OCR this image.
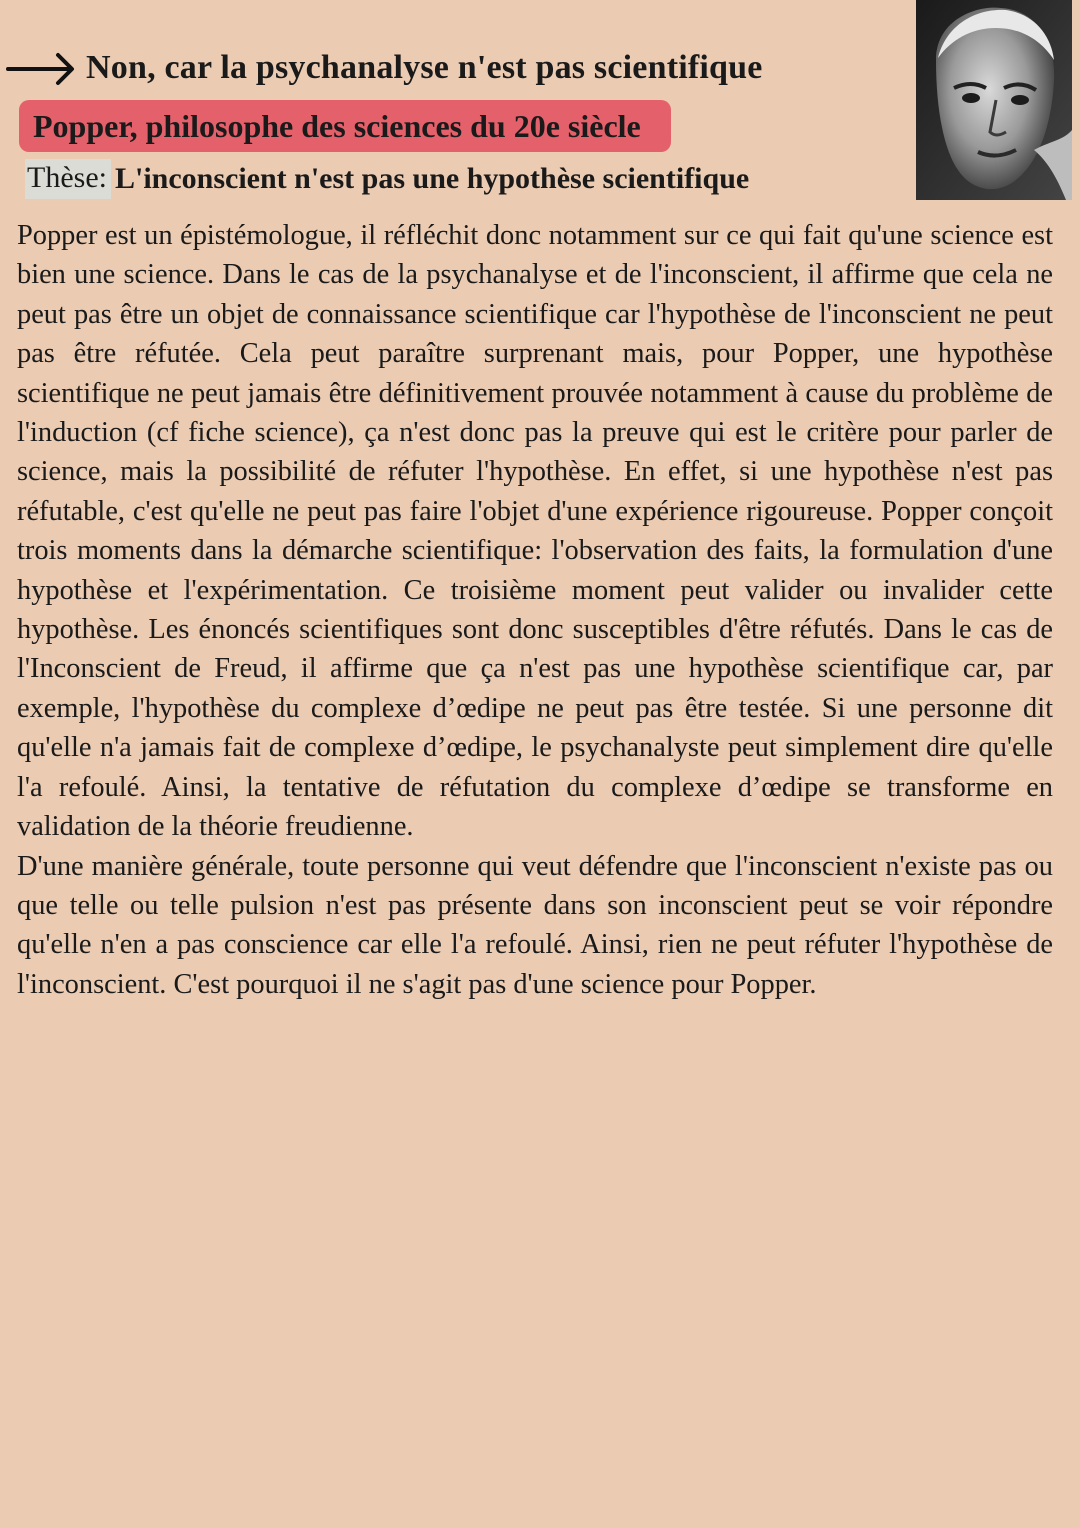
Non, car la psychanalyse n'est pas scientifique
Popper, philosophe des sciences du 20e siècle
Thèse: L'inconscient n'est pas une hypothèse scientifique

Popper est un épistémologue, il réfléchit donc notamment sur ce qui fait qu'une science est bien une science. Dans le cas de la psychanalyse et de l'inconscient, il affirme que cela ne peut pas être un objet de connaissance scientifique car l'hypothèse de l'inconscient ne peut pas être réfutée. Cela peut paraître surprenant mais, pour Popper, une hypothèse scientifique ne peut jamais être définitivement prouvée notamment à cause du problème de l'induction (cf fiche science), ça n'est donc pas la preuve qui est le critère pour parler de science, mais la possibilité de réfuter l'hypothèse. En effet, si une hypothèse n'est pas réfutable, c'est qu'elle ne peut pas faire l'objet d'une expérience rigoureuse. Popper conçoit trois moments dans la démarche scientifique: l'observation des faits, la formulation d'une hypothèse et l'expérimentation. Ce troisième moment peut valider ou invalider cette hypothèse. Les énoncés scientifiques sont donc susceptibles d'être réfutés. Dans le cas de l'Inconscient de Freud, il affirme que ça n'est pas une hypothèse scientifique car, par exemple, l'hypothèse du complexe d’œdipe ne peut pas être testée. Si une personne dit qu'elle n'a jamais fait de complexe d’œdipe, le psychanalyste peut simplement dire qu'elle l'a refoulé. Ainsi, la tentative de réfutation du complexe d’œdipe se transforme en validation de la théorie freudienne.

D'une manière générale, toute personne qui veut défendre que l'inconscient n'existe pas ou que telle ou telle pulsion n'est pas présente dans son inconscient peut se voir répondre qu'elle n'en a pas conscience car elle l'a refoulé. Ainsi, rien ne peut réfuter l'hypothèse de l'inconscient. C'est pourquoi il ne s'agit pas d'une science pour Popper.
